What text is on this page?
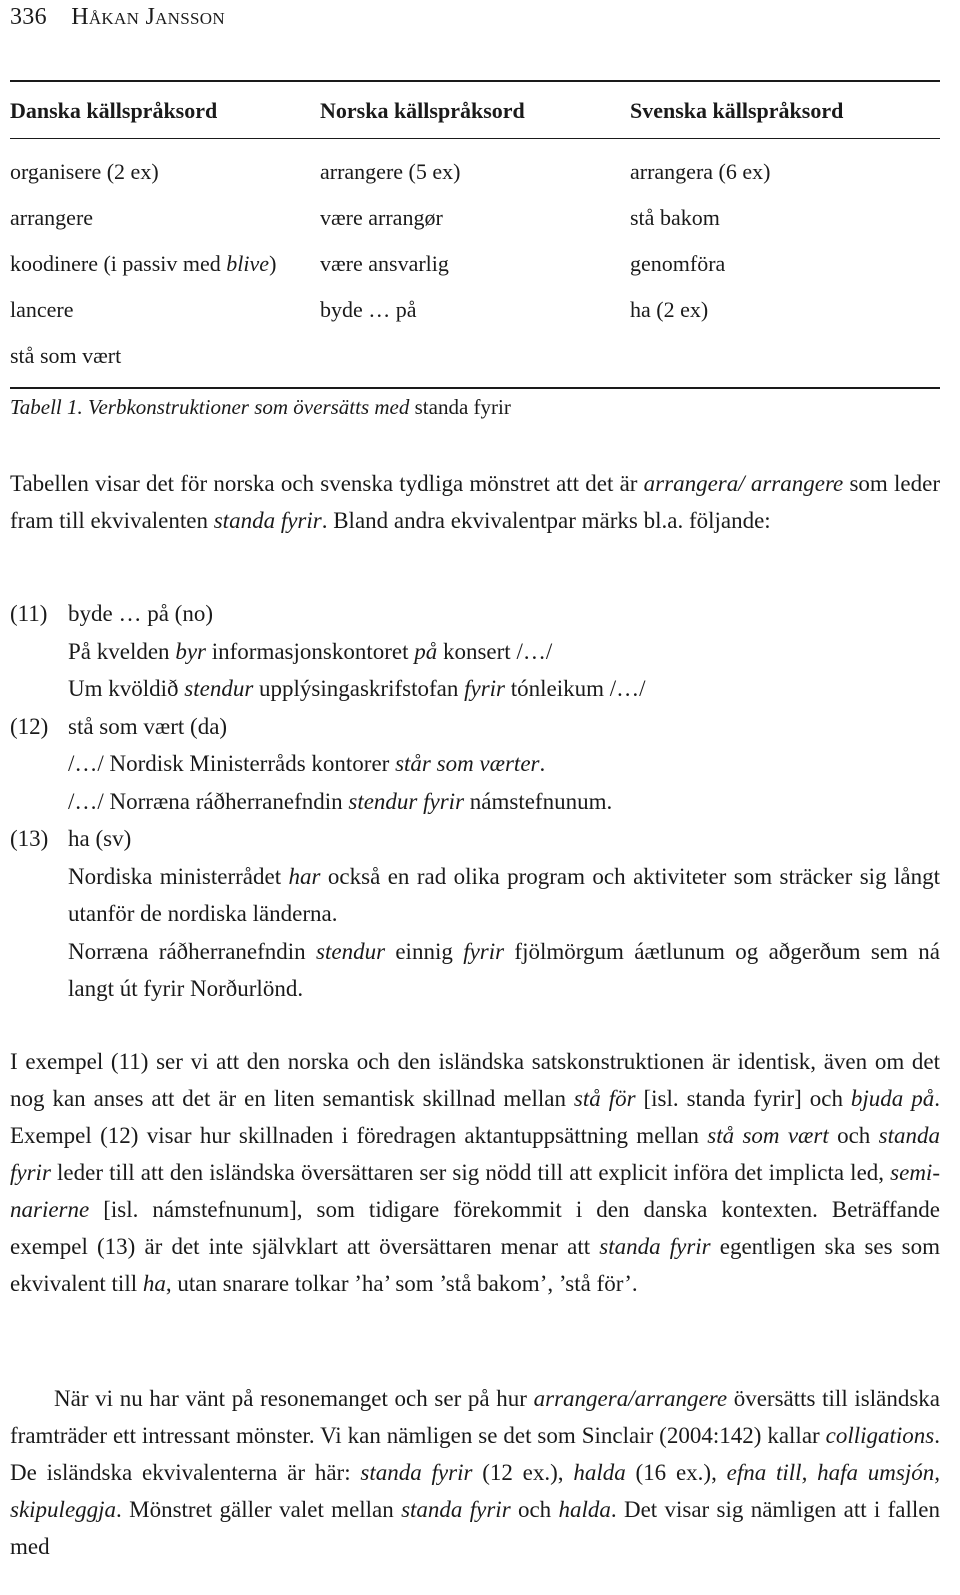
336 Håkan Jansson
Danska källspråksord	Norska källspråksord	Svenska källspråksord

organisere (2 ex)	arrangere (5 ex)	arrangera (6 ex)
arrangere	være arrangør	stå bakom
koodinere (i passiv med blive)	være ansvarlig	genomföra
lancere	byde … på	ha (2 ex)
stå som vært		
Tabell 1. Verbkonstruktioner som översätts med standa fyrir
Tabellen visar det för norska och svenska tydliga mönstret att det är arrangera/ arrangere som leder fram till ekvivalenten standa fyrir. Bland andra ekvivalentpar märks bl.a. följande:
(11) byde … på (no)
På kvelden byr informasjonskontoret på konsert /…/
Um kvöldið stendur upplýsingaskrifstofan fyrir tónleikum /…/
(12) stå som vært (da)
/…/ Nordisk Ministerråds kontorer står som værter.
/…/ Norræna ráðherranefndin stendur fyrir námstefnunum.
(13) ha (sv)
Nordiska ministerrådet har också en rad olika program och aktiviteter som sträcker sig långt utanför de nordiska länderna.
Norræna ráðherranefndin stendur einnig fyrir fjölmörgum áætlunum og aðgerðum sem ná langt út fyrir Norðurlönd.
I exempel (11) ser vi att den norska och den isländska satskonstruktionen är identisk, även om det nog kan anses att det är en liten semantisk skillnad mellan stå för [isl. standa fyrir] och bjuda på. Exempel (12) visar hur skillnaden i föredragen aktantuppsättning mellan stå som vært och standa fyrir leder till att den isländska översättaren ser sig nödd till att explicit införa det implicta led, seminarierne [isl. námstefnunum], som tidigare förekommit i den danska kontexten. Beträffande exempel (13) är det inte självklart att översättaren menar att standa fyrir egentligen ska ses som ekvivalent till ha, utan snarare tolkar ’ha’ som ’stå bakom’, ’stå för’.
När vi nu har vänt på resonemanget och ser på hur arrangera/arrangere översätts till isländska framträder ett intressant mönster. Vi kan nämligen se det som Sinclair (2004:142) kallar colligations. De isländska ekvivalenterna är här: standa fyrir (12 ex.), halda (16 ex.), efna till, hafa umsjón, skipuleggja. Mönstret gäller valet mellan standa fyrir och halda. Det visar sig nämligen att i fallen med
